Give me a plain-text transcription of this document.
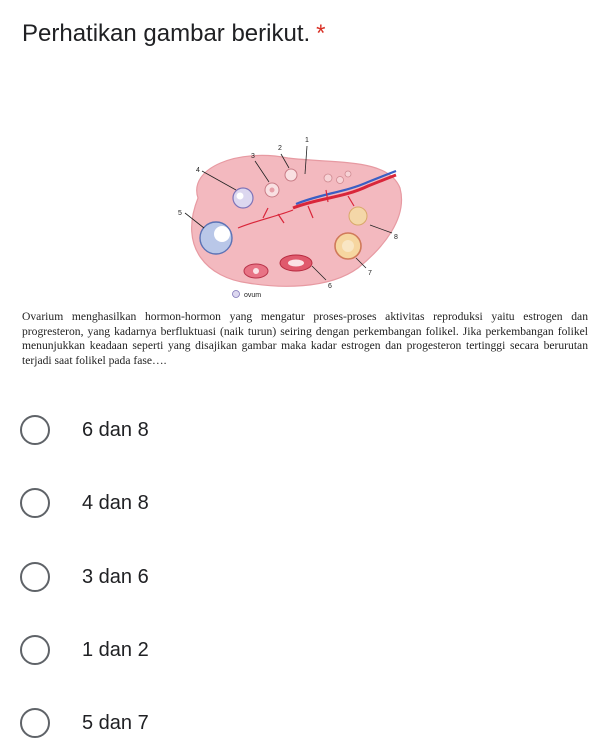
Perhatikan gambar berikut. *
1
2
3
4
5
8
7
6
ovum
Ovarium menghasilkan hormon-hormon yang mengatur proses-proses aktivitas reproduksi yaitu estrogen dan progresteron, yang kadarnya berfluktuasi (naik turun) seiring dengan perkembangan folikel. Jika perkembangan folikel menunjukkan keadaan seperti yang disajikan gambar maka kadar estrogen dan progesteron tertinggi secara berurutan terjadi saat folikel pada fase….
6 dan 8
4 dan 8
3 dan 6
1 dan 2
5 dan 7
